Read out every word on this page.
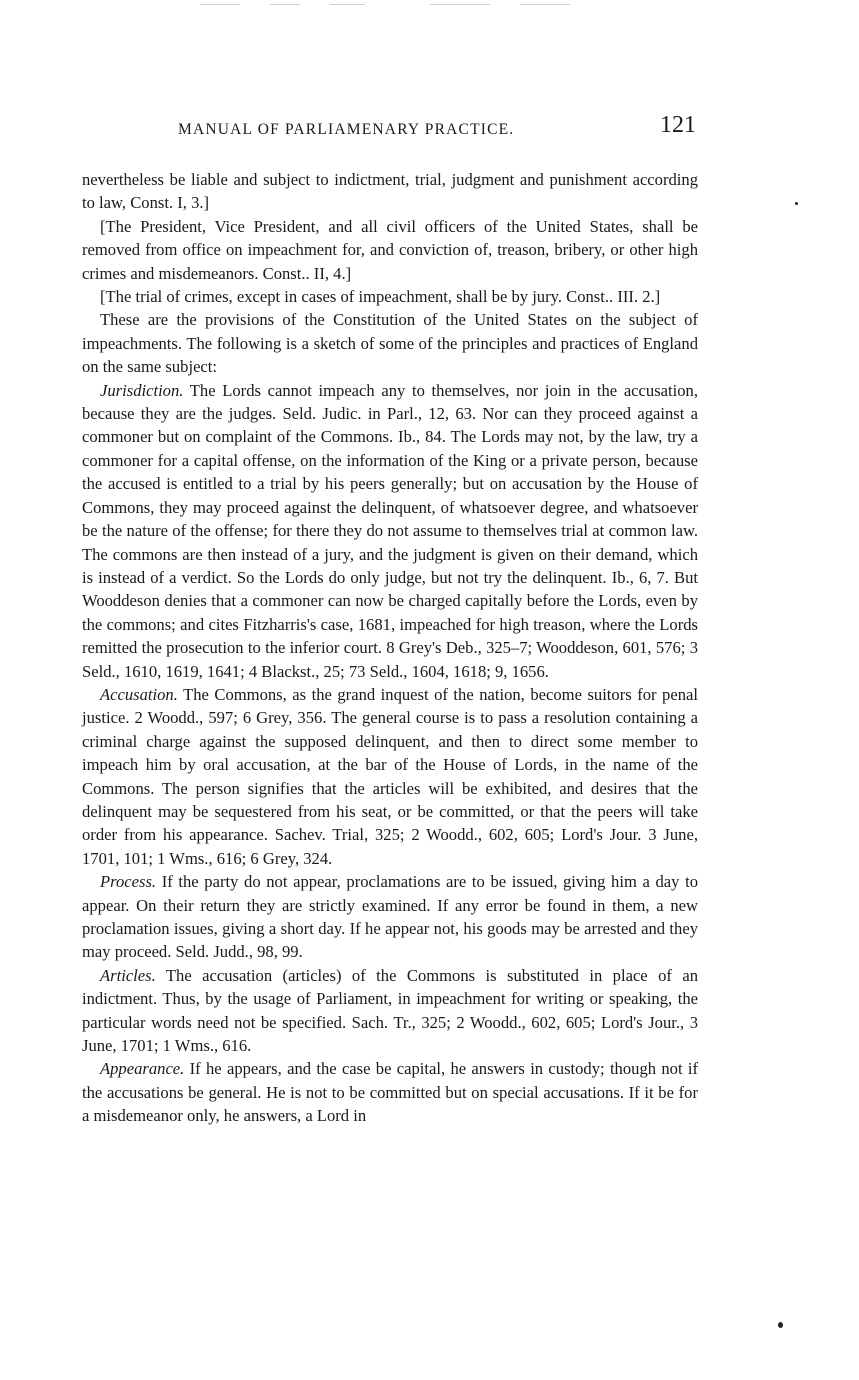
MANUAL OF PARLIAMENARY PRACTICE.	121

nevertheless be liable and subject to indictment, trial, judgment and punishment according to law, Const. I, 3.]

[The President, Vice President, and all civil officers of the United States, shall be removed from office on impeachment for, and conviction of, treason, bribery, or other high crimes and misdemeanors. Const.. II, 4.]

[The trial of crimes, except in cases of impeachment, shall be by jury. Const.. III. 2.]

These are the provisions of the Constitution of the United States on the subject of impeachments. The following is a sketch of some of the principles and practices of England on the same subject:

Jurisdiction. The Lords cannot impeach any to themselves, nor join in the accusation, because they are the judges. Seld. Judic. in Parl., 12, 63. Nor can they proceed against a commoner but on complaint of the Commons. Ib., 84. The Lords may not, by the law, try a commoner for a capital offense, on the information of the King or a private person, because the accused is entitled to a trial by his peers generally; but on accusation by the House of Commons, they may proceed against the delinquent, of whatsoever degree, and whatsoever be the nature of the offense; for there they do not assume to themselves trial at common law. The commons are then instead of a jury, and the judgment is given on their demand, which is instead of a verdict. So the Lords do only judge, but not try the delinquent. Ib., 6, 7. But Wooddeson denies that a commoner can now be charged capitally before the Lords, even by the commons; and cites Fitzharris's case, 1681, impeached for high treason, where the Lords remitted the prosecution to the inferior court. 8 Grey's Deb., 325–7; Wooddeson, 601, 576; 3 Seld., 1610, 1619, 1641; 4 Blackst., 25; 73 Seld., 1604, 1618; 9, 1656.

Accusation. The Commons, as the grand inquest of the nation, become suitors for penal justice. 2 Woodd., 597; 6 Grey, 356. The general course is to pass a resolution containing a criminal charge against the supposed delinquent, and then to direct some member to impeach him by oral accusation, at the bar of the House of Lords, in the name of the Commons. The person signifies that the articles will be exhibited, and desires that the delinquent may be sequestered from his seat, or be committed, or that the peers will take order from his appearance. Sachev. Trial, 325; 2 Woodd., 602, 605; Lord's Jour. 3 June, 1701, 101; 1 Wms., 616; 6 Grey, 324.

Process. If the party do not appear, proclamations are to be issued, giving him a day to appear. On their return they are strictly examined. If any error be found in them, a new proclamation issues, giving a short day. If he appear not, his goods may be arrested and they may proceed. Seld. Judd., 98, 99.

Articles. The accusation (articles) of the Commons is substituted in place of an indictment. Thus, by the usage of Parliament, in impeachment for writing or speaking, the particular words need not be specified. Sach. Tr., 325; 2 Woodd., 602, 605; Lord's Jour., 3 June, 1701; 1 Wms., 616.

Appearance. If he appears, and the case be capital, he answers in custody; though not if the accusations be general. He is not to be committed but on special accusations. If it be for a misdemeanor only, he answers, a Lord in
